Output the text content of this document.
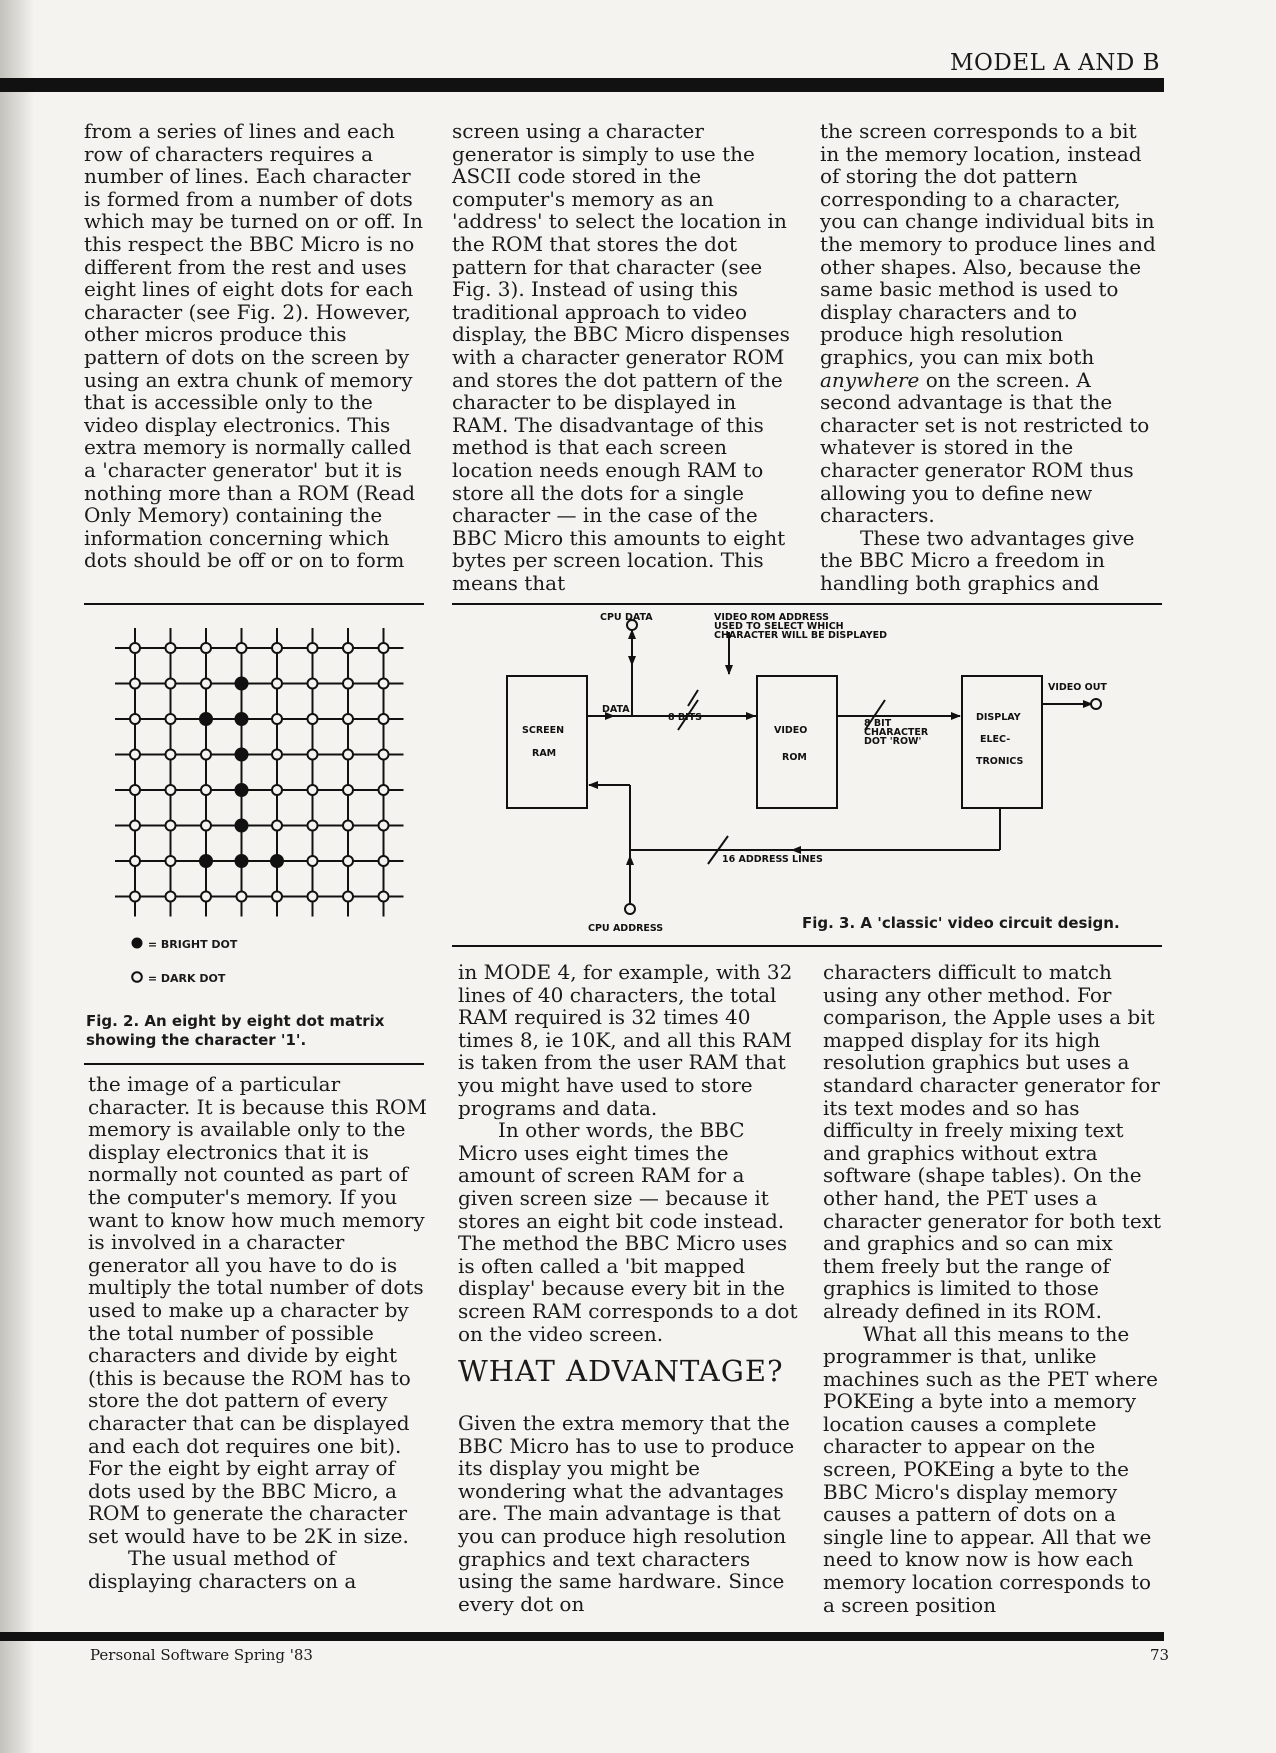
MODEL A AND B

from a series of lines and each row of characters requires a number of lines. Each character is formed from a number of dots which may be turned on or off. In this respect the BBC Micro is no different from the rest and uses eight lines of eight dots for each character (see Fig. 2). However, other micros produce this pattern of dots on the screen by using an extra chunk of memory that is accessible only to the video display electronics. This extra memory is normally called a 'character generator' but it is nothing more than a ROM (Read Only Memory) containing the information concerning which dots should be off or on to form

screen using a character generator is simply to use the ASCII code stored in the computer's memory as an 'address' to select the location in the ROM that stores the dot pattern for that character (see Fig. 3). Instead of using this traditional approach to video display, the BBC Micro dispenses with a character generator ROM and stores the dot pattern of the character to be displayed in RAM. The disadvantage of this method is that each screen location needs enough RAM to store all the dots for a single character — in the case of the BBC Micro this amounts to eight bytes per screen location. This means that

the screen corresponds to a bit in the memory location, instead of storing the dot pattern corresponding to a character, you can change individual bits in the memory to produce lines and other shapes. Also, because the same basic method is used to display characters and to produce high resolution graphics, you can mix both anywhere on the screen. A second advantage is that the character set is not restricted to whatever is stored in the character generator ROM thus allowing you to define new characters.

These two advantages give the BBC Micro a freedom in handling both graphics and

= BRIGHT DOT
= DARK DOT
Fig. 2. An eight by eight dot matrix showing the character '1'.
CPU DATA	VIDEO ROM ADDRESS
USED TO SELECT WHICH
CHARACTER WILL BE DISPLAYED
VIDEO OUT
DATA
8 BITS
SCREEN
RAM
VIDEO
ROM
8 BIT
CHARACTER
DOT 'ROW'
DISPLAY
ELEC-
TRONICS
16 ADDRESS LINES
CPU ADDRESS	Fig. 3. A 'classic' video circuit design.

the image of a particular character. It is because this ROM memory is available only to the display electronics that it is normally not counted as part of the computer's memory. If you want to know how much memory is involved in a character generator all you have to do is multiply the total number of dots used to make up a character by the total number of possible characters and divide by eight (this is because the ROM has to store the dot pattern of every character that can be displayed and each dot requires one bit). For the eight by eight array of dots used by the BBC Micro, a ROM to generate the character set would have to be 2K in size.

The usual method of displaying characters on a

in MODE 4, for example, with 32 lines of 40 characters, the total RAM required is 32 times 40 times 8, ie 10K, and all this RAM is taken from the user RAM that you might have used to store programs and data.

In other words, the BBC Micro uses eight times the amount of screen RAM for a given screen size — because it stores an eight bit code instead. The method the BBC Micro uses is often called a 'bit mapped display' because every bit in the screen RAM corresponds to a dot on the video screen.

WHAT ADVANTAGE?

Given the extra memory that the BBC Micro has to use to produce its display you might be wondering what the advantages are. The main advantage is that you can produce high resolution graphics and text characters using the same hardware. Since every dot on

characters difficult to match using any other method. For comparison, the Apple uses a bit mapped display for its high resolution graphics but uses a standard character generator for its text modes and so has difficulty in freely mixing text and graphics without extra software (shape tables). On the other hand, the PET uses a character generator for both text and graphics and so can mix them freely but the range of graphics is limited to those already defined in its ROM.

What all this means to the programmer is that, unlike machines such as the PET where POKEing a byte into a memory location causes a complete character to appear on the screen, POKEing a byte to the BBC Micro's display memory causes a pattern of dots on a single line to appear. All that we need to know now is how each memory location corresponds to a screen position

Personal Software Spring '83	73
